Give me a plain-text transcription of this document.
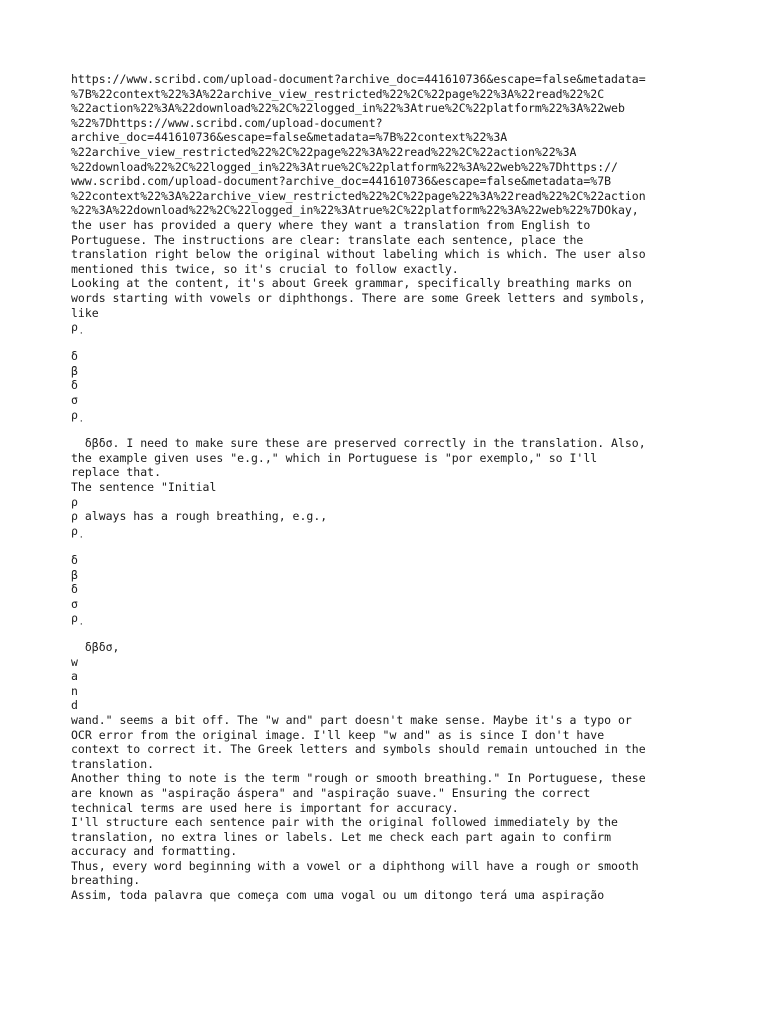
https://www.scribd.com/upload-document?archive_doc=441610736&escape=false&metadata=
%7B%22context%22%3A%22archive_view_restricted%22%2C%22page%22%3A%22read%22%2C
%22action%22%3A%22download%22%2C%22logged_in%22%3Atrue%2C%22platform%22%3A%22web
%22%7Dhttps://www.scribd.com/upload-document?
archive_doc=441610736&escape=false&metadata=%7B%22context%22%3A
%22archive_view_restricted%22%2C%22page%22%3A%22read%22%2C%22action%22%3A
%22download%22%2C%22logged_in%22%3Atrue%2C%22platform%22%3A%22web%22%7Dhttps://
www.scribd.com/upload-document?archive_doc=441610736&escape=false&metadata=%7B
%22context%22%3A%22archive_view_restricted%22%2C%22page%22%3A%22read%22%2C%22action
%22%3A%22download%22%2C%22logged_in%22%3Atrue%2C%22platform%22%3A%22web%22%7DOkay,
the user has provided a query where they want a translation from English to
Portuguese. The instructions are clear: translate each sentence, place the
translation right below the original without labeling which is which. The user also
mentioned this twice, so it's crucial to follow exactly.
Looking at the content, it's about Greek grammar, specifically breathing marks on
words starting with vowels or diphthongs. There are some Greek letters and symbols,
like
ρ̣
δ
β
δ
σ
ρ̣
δβδσ. I need to make sure these are preserved correctly in the translation. Also,
the example given uses "e.g.," which in Portuguese is "por exemplo," so I'll
replace that.
The sentence "Initial
ρ
ρ always has a rough breathing, e.g.,
ρ̣
δ
β
δ
σ
ρ̣
δβδσ,
w
a
n
d
wand." seems a bit off. The "w and" part doesn't make sense. Maybe it's a typo or
OCR error from the original image. I'll keep "w and" as is since I don't have
context to correct it. The Greek letters and symbols should remain untouched in the
translation.
Another thing to note is the term "rough or smooth breathing." In Portuguese, these
are known as "aspiração áspera" and "aspiração suave." Ensuring the correct
technical terms are used here is important for accuracy.
I'll structure each sentence pair with the original followed immediately by the
translation, no extra lines or labels. Let me check each part again to confirm
accuracy and formatting.
Thus, every word beginning with a vowel or a diphthong will have a rough or smooth
breathing.
Assim, toda palavra que começa com uma vogal ou um ditongo terá uma aspiração
